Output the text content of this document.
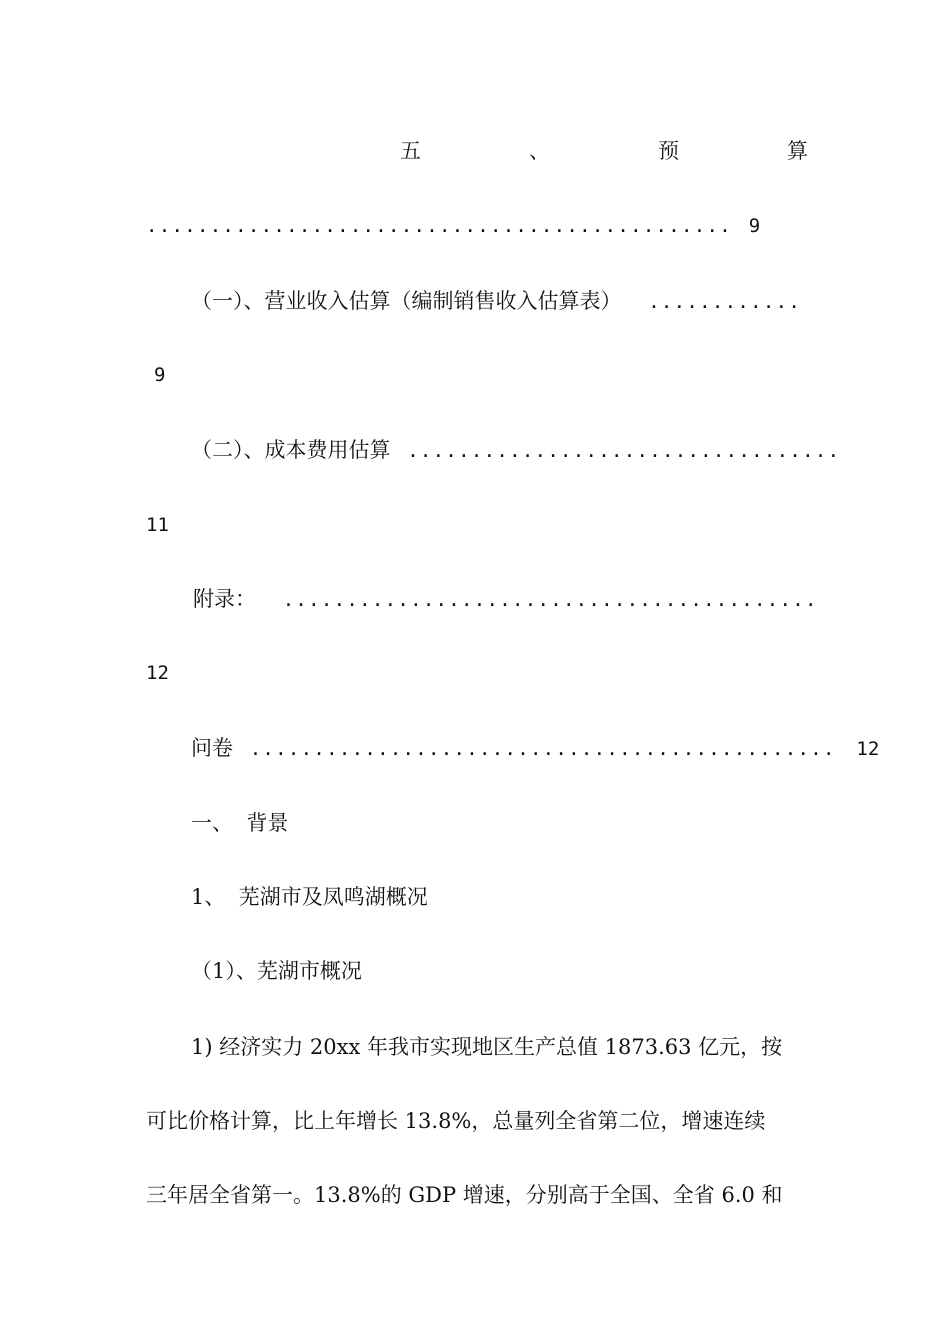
五	、	预	算
.............................................. 9
（一）、营业收入估算（编制销售收入估算表） ............
9
（二）、成本费用估算 ..................................
11
附录： ..........................................
12
问卷 .............................................. 12
一、  背景
1、  芜湖市及凤鸣湖概况
（1）、芜湖市概况
1) 经济实力 20xx 年我市实现地区生产总值 1873.63 亿元，按
可比价格计算，比上年增长 13.8%，总量列全省第二位，增速连续
三年居全省第一。13.8%的 GDP 增速，分别高于全国、全省 6.0 和
